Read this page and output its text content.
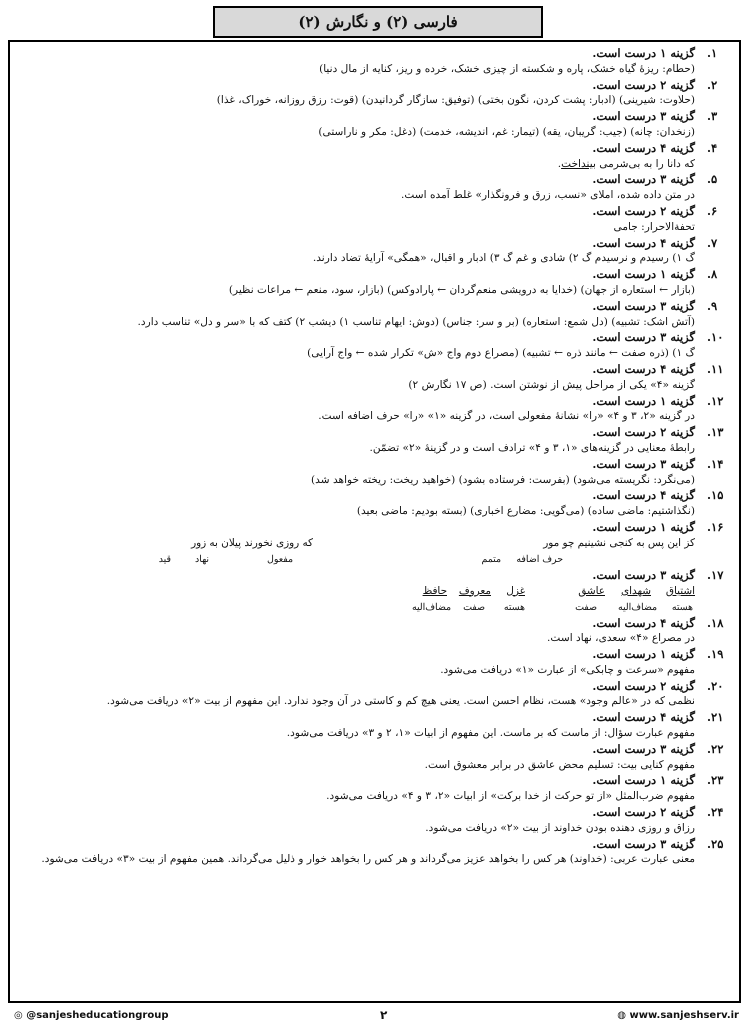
فارسی (۲) و نگارش (۲)
۱.
گزینه ۱ درست است.
(حطام: ریزۀ گیاه خشک، پاره و شکسته از چیزی خشک، خرده و ریز، کنایه از مال دنیا)
۲.
گزینه ۲ درست است.
(حلاوت: شیرینی) (ادبار: پشت کردن، نگون بختی) (توفیق: سازگار گردانیدن) (قوت: رزق روزانه، خوراک، غذا)
۳.
گزینه ۳ درست است.
(زنخدان: چانه) (جیب: گریبان، یقه) (تیمار: غم، اندیشه، خدمت) (دغل: مکر و ناراستی)
۴.
گزینه ۴ درست است.
که دانا را به بی‌شرمی بیندا‌خت.
۵.
گزینه ۳ درست است.
در متن داده شده، املای «نسب، زرق و فرونگذار» غلط آمده است.
۶.
گزینه ۲ درست است.
تحفةالاحرار: جامی
۷.
گزینه ۴ درست است.
گ ۱) رسیدم و نرسیدم گ ۲) شادی و غم گ ۳) ادبار و اقبال، «همگی» آرایۀ تضاد دارند.
۸.
گزینه ۱ درست است.
(بازار ← استعاره از جهان) (خدایا به درویشی منعم‌گردان ← پارادوکس) (بازار، سود، منعم ← مراعات نظیر)
۹.
گزینه ۳ درست است.
(آتش اشک: تشبیه) (دل شمع: استعاره) (بر و سر: جناس) (دوش: ایهام تناسب ۱) دیشب ۲) کتف که با «سر و دل» تناسب دارد.
۱۰.
گزینه ۳ درست است.
گ ۱) (ذره صفت ← مانند ذره ← تشبیه) (مصراع دوم واج «ش» تکرار شده ← واج آرایی)
۱۱.
گزینه ۴ درست است.
گزینه «۴» یکی از مراحل پیش از نوشتن است. (ص ۱۷ نگارش ۲)
۱۲.
گزینه ۱ درست است.
در گزینه «۲، ۳ و ۴» «را» نشانۀ مفعولی است، در گزینه «۱» «را» حرف اضافه است.
۱۳.
گزینه ۲ درست است.
رابطۀ معنایی در گزینه‌های «۱، ۳ و ۴» ترادف است و در گزینۀ «۲» تضمّن.
۱۴.
گزینه ۳ درست است.
(می‌نگرد: نگریسته می‌شود) (بفرست: فرستاده بشود) (خواهید ریخت: ریخته خواهد شد)
۱۵.
گزینه ۴ درست است.
(نگذاشتیم: ماضی ساده) (می‌گویی: مضارع اخباری) (بسته بودیم: ماضی بعید)
۱۶.
گزینه ۱ درست است.
کز این پس به کنجی نشینیم چو مور
که روزی نخورند پیلان به زور
حرف اضافه
متمم
مفعول
نهاد
قید
۱۷.
گزینه ۳ درست است.
اشتیاق
شهدای
عاشق
غزل
معروف
حافظ
هسته
مضاف‌الیه
صفت
هسته
صفت
مضاف‌الیه
۱۸.
گزینه ۴ درست است.
در مصراع «۴» سعدی، نهاد است.
۱۹.
گزینه ۱ درست است.
مفهوم «سرعت و چابکی» از عبارت «۱» دریافت می‌شود.
۲۰.
گزینه ۲ درست است.
نظمی که در «عالم وجود» هست، نظام احسن است. یعنی هیچ کم و کاستی در آن وجود ندارد. این مفهوم از بیت «۲» دریافت می‌شود.
۲۱.
گزینه ۴ درست است.
مفهوم عبارت سؤال: از ماست که بر ماست. این مفهوم از ابیات «۱، ۲ و ۳» دریافت می‌شود.
۲۲.
گزینه ۳ درست است.
مفهوم کنایی بیت: تسلیم محض عاشق در برابر معشوق است.
۲۳.
گزینه ۱ درست است.
مفهوم ضرب‌المثل «از تو حرکت از خدا برکت» از ابیات «۲، ۳ و ۴» دریافت می‌شود.
۲۴.
گزینه ۲ درست است.
رزاق و روزی دهنده بودن خداوند از بیت «۲» دریافت می‌شود.
۲۵.
گزینه ۳ درست است.
معنی عبارت عربی: (خداوند) هر کس را بخواهد عزیز می‌گرداند و هر کس را بخواهد خوار و ذلیل می‌گرداند. همین مفهوم از بیت «۳» دریافت می‌شود.
◎ @sanjesheducationgroup	۲	◍ www.sanjeshserv.ir
